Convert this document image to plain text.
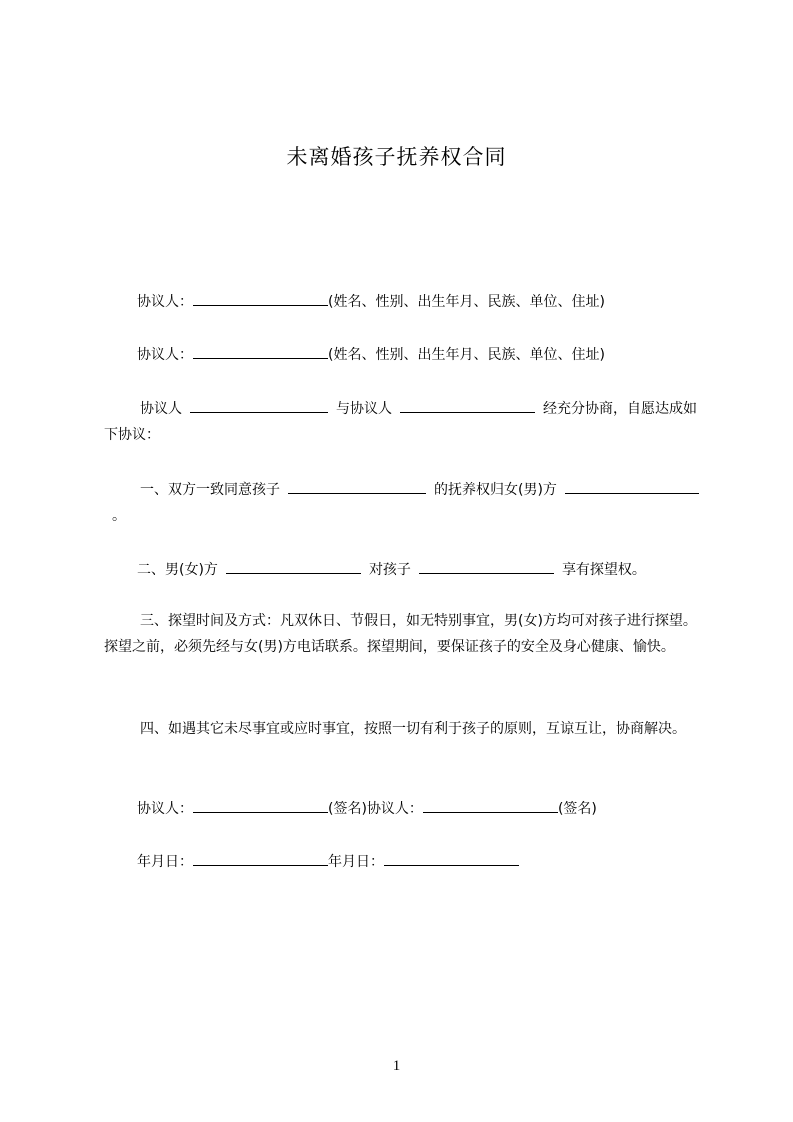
未离婚孩子抚养权合同
协议人：	(姓名、性别、出生年月、民族、单位、住址)
协议人：	(姓名、性别、出生年月、民族、单位、住址)
协议人	与协议人	经充分协商，自愿达成如下协议：
一、双方一致同意孩子	的抚养权归女(男)方。
二、男(女)方	对孩子	享有探望权。
三、探望时间及方式：凡双休日、节假日，如无特别事宜，男(女)方均可对孩子进行探望。探望之前，必须先经与女(男)方电话联系。探望期间，要保证孩子的安全及身心健康、愉快。
四、如遇其它未尽事宜或应时事宜，按照一切有利于孩子的原则，互谅互让，协商解决。
协议人：	(签名)协议人：	(签名)
年月日：	年月日：
1
